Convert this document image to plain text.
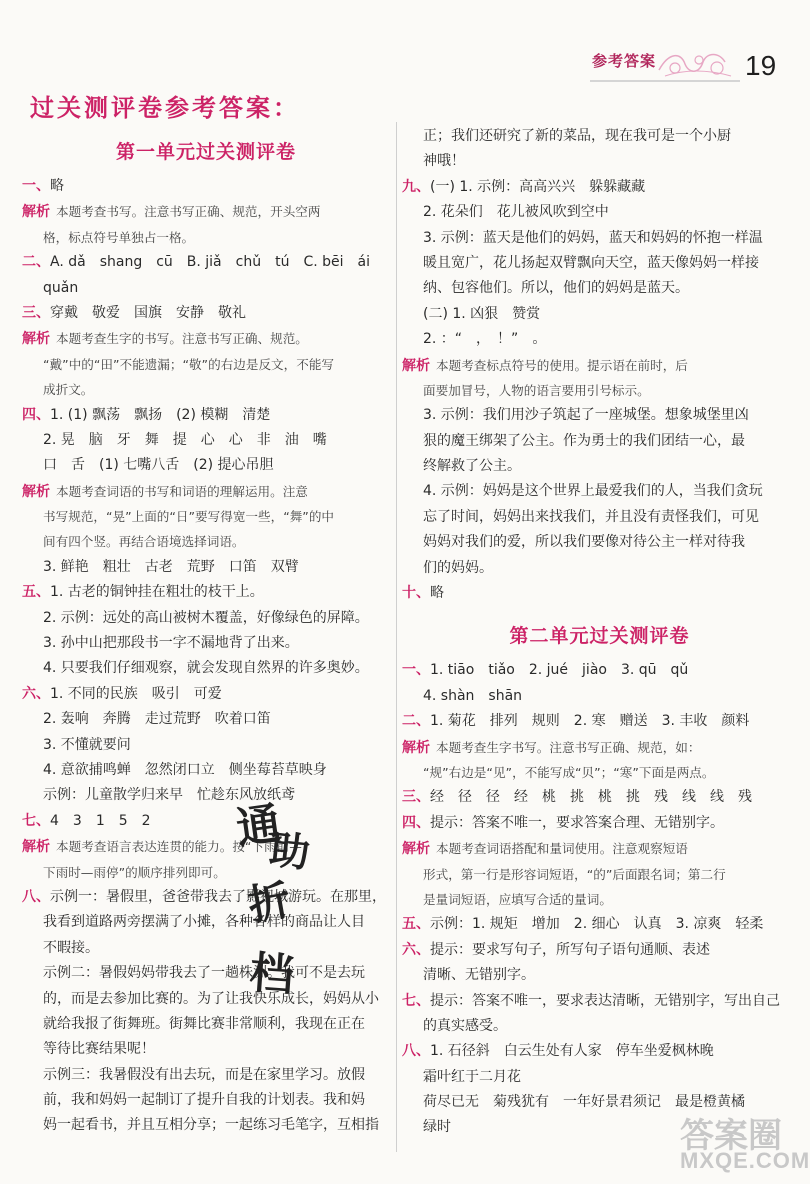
参考答案	19
过关测评卷参考答案：
第一单元过关测评卷
一、略
解析 本题考查书写。注意书写正确、规范，开头空两
格，标点符号单独占一格。
二、A. dǎ　shang　cū　B. jiǎ　chǔ　tú　C. bēi　ái
quǎn
三、穿戴　敬爱　国旗　安静　敬礼
解析 本题考查生字的书写。注意书写正确、规范。
“戴”中的“田”不能遗漏；“敬”的右边是反文，不能写
成折文。
四、1. (1) 飘荡　飘扬　(2) 模糊　清楚
2. 晃　脑　牙　舞　提　心　心　非　油　嘴
口　舌　(1) 七嘴八舌　(2) 提心吊胆
解析 本题考查词语的书写和词语的理解运用。注意
书写规范，“晃”上面的“日”要写得宽一些，“舞”的中
间有四个竖。再结合语境选择词语。
3. 鲜艳　粗壮　古老　荒野　口笛　双臂
五、1. 古老的铜钟挂在粗壮的枝干上。
2. 示例：远处的高山被树木覆盖，好像绿色的屏障。
3. 孙中山把那段书一字不漏地背了出来。
4. 只要我们仔细观察，就会发现自然界的许多奥妙。
六、1. 不同的民族　吸引　可爱
2. 轰响　奔腾　走过荒野　吹着口笛
3. 不懂就要问
4. 意欲捕鸣蝉　忽然闭口立　侧坐莓苔草映身
示例：儿童散学归来早　忙趁东风放纸鸢
七、4　3　1　5　2
解析 本题考查语言表达连贯的能力。按“下雨前—
下雨时—雨停”的顺序排列即可。
八、示例一：暑假里，爸爸带我去了影视城游玩。在那里，
我看到道路两旁摆满了小摊，各种各样的商品让人目
不暇接。
示例二：暑假妈妈带我去了一趟株洲。我可不是去玩
的，而是去参加比赛的。为了让我快乐成长，妈妈从小
就给我报了街舞班。街舞比赛非常顺利，我现在正在
等待比赛结果呢！
示例三：我暑假没有出去玩，而是在家里学习。放假
前，我和妈妈一起制订了提升自我的计划表。我和妈
妈一起看书，并且互相分享；一起练习毛笔字，互相指
正；我们还研究了新的菜品，现在我可是一个小厨
神哦！
九、(一) 1. 示例：高高兴兴　躲躲藏藏
2. 花朵们　花儿被风吹到空中
3. 示例：蓝天是他们的妈妈，蓝天和妈妈的怀抱一样温
暖且宽广，花儿扬起双臂飘向天空，蓝天像妈妈一样接
纳、包容他们。所以，他们的妈妈是蓝天。
(二) 1. 凶狠　赞赏
2. ：“　，　！”　。
解析 本题考查标点符号的使用。提示语在前时，后
面要加冒号，人物的语言要用引号标示。
3. 示例：我们用沙子筑起了一座城堡。想象城堡里凶
狠的魔王绑架了公主。作为勇士的我们团结一心，最
终解救了公主。
4. 示例：妈妈是这个世界上最爱我们的人，当我们贪玩
忘了时间，妈妈出来找我们，并且没有责怪我们，可见
妈妈对我们的爱，所以我们要像对待公主一样对待我
们的妈妈。
十、略
第二单元过关测评卷
一、1. tiāo　tiǎo　2. jué　jiào　3. qū　qǔ
4. shàn　shān
二、1. 菊花　排列　规则　2. 寒　赠送　3. 丰收　颜料
解析 本题考查生字书写。注意书写正确、规范，如：
“规”右边是“见”，不能写成“贝”；“寒”下面是两点。
三、经　径　径　经　桃　挑　桃　挑　残　线　线　残
四、提示：答案不唯一，要求答案合理、无错别字。
解析 本题考查词语搭配和量词使用。注意观察短语
形式，第一行是形容词短语，“的”后面跟名词；第二行
是量词短语，应填写合适的量词。
五、示例：1. 规矩　增加　2. 细心　认真　3. 凉爽　轻柔
六、提示：要求写句子，所写句子语句通顺、表述
清晰、无错别字。
七、提示：答案不唯一，要求表达清晰，无错别字，写出自己
的真实感受。
八、1. 石径斜　白云生处有人家　停车坐爱枫林晚
霜叶红于二月花
荷尽已无　菊残犹有　一年好景君须记　最是橙黄橘
绿时
通
助
折
档
答案圈
MXQE.COM
